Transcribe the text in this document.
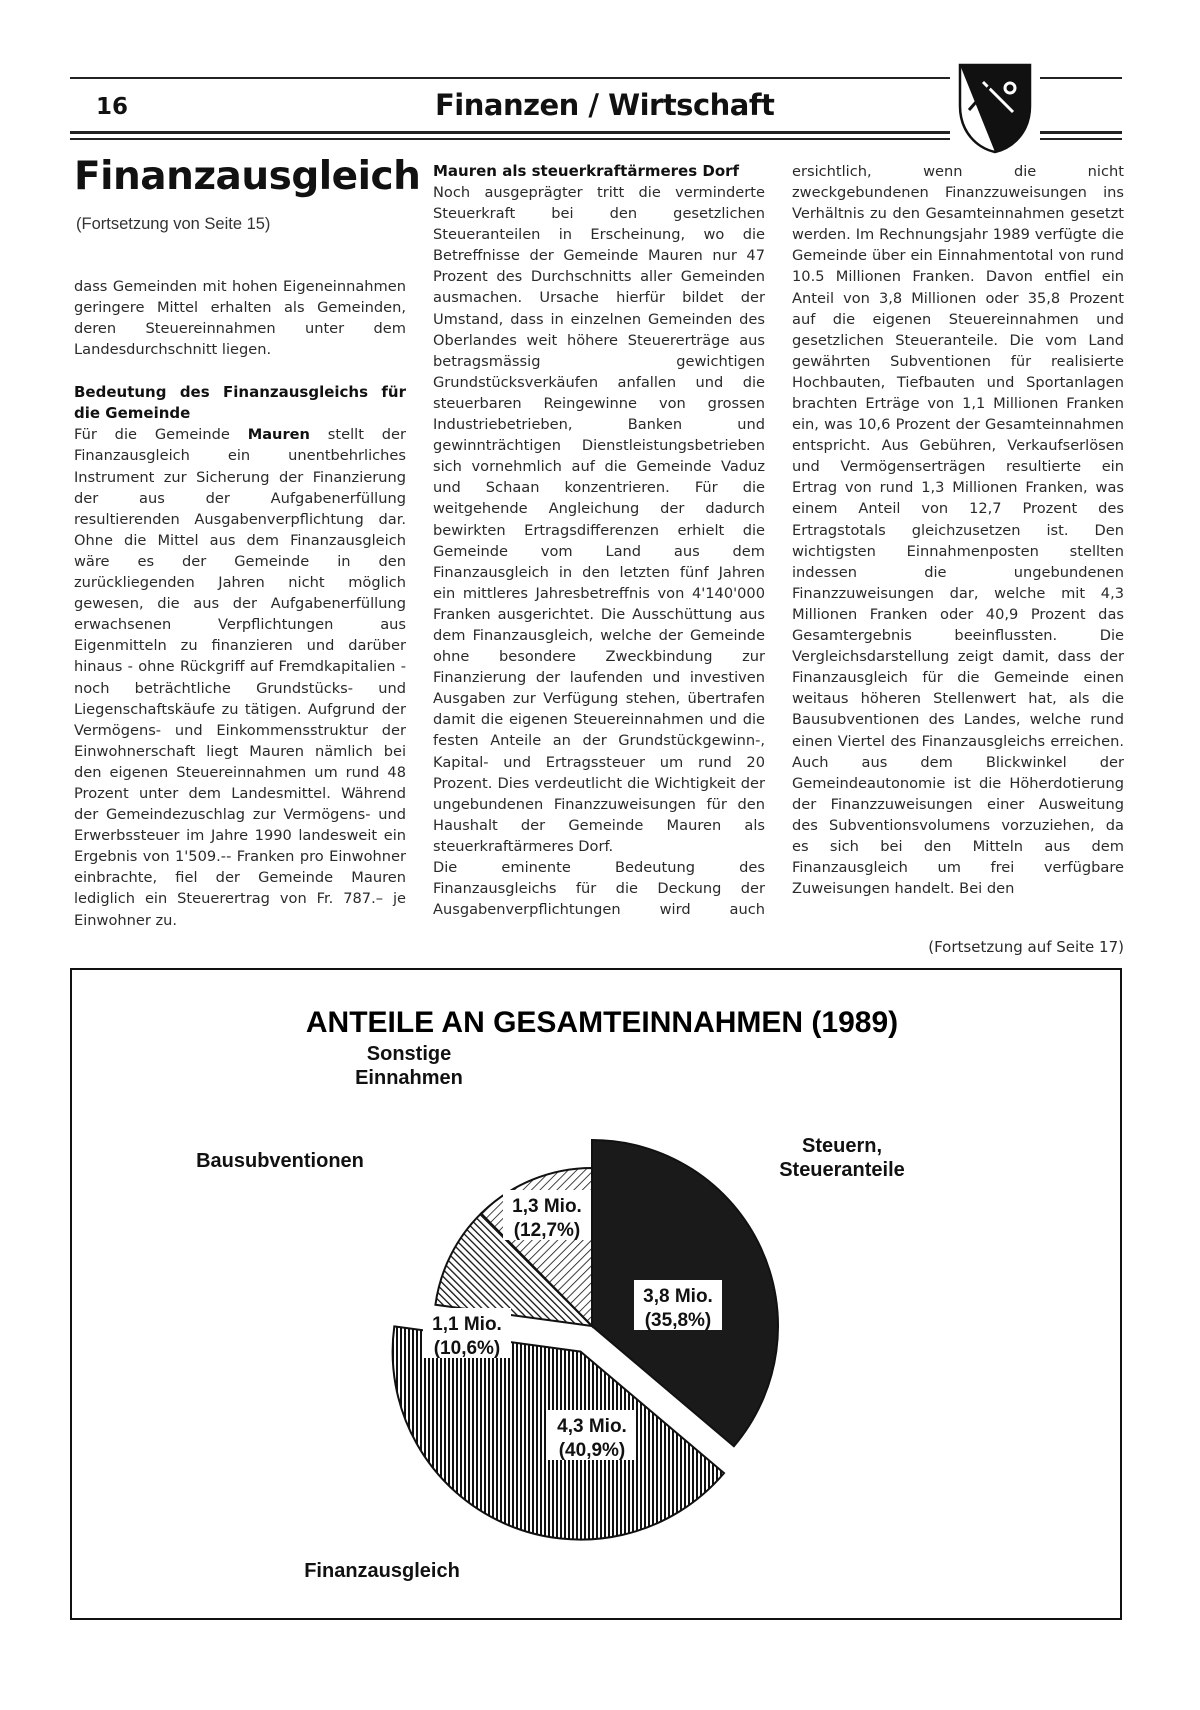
16	Finanzen / Wirtschaft
Finanzausgleich
(Fortsetzung von Seite 15)

dass Gemeinden mit hohen Eigeneinnahmen geringere Mittel erhalten als Gemeinden, deren Steuereinnahmen unter dem Landesdurchschnitt liegen.

Bedeutung des Finanzausgleichs für die Gemeinde

Für die Gemeinde Mauren stellt der Finanzausgleich ein unentbehrliches Instrument zur Sicherung der Finanzierung der aus der Aufgabenerfüllung resultierenden Ausgabenverpflichtung dar. Ohne die Mittel aus dem Finanzausgleich wäre es der Gemeinde in den zurückliegenden Jahren nicht möglich gewesen, die aus der Aufgabenerfüllung erwachsenen Verpflichtungen aus Eigenmitteln zu finanzieren und darüber hinaus - ohne Rückgriff auf Fremdkapitalien - noch beträchtliche Grundstücks- und Liegenschaftskäufe zu tätigen. Aufgrund der Vermögens- und Einkommensstruktur der Einwohnerschaft liegt Mauren nämlich bei den eigenen Steuereinnahmen um rund 48 Prozent unter dem Landesmittel. Während der Gemeindezuschlag zur Vermögens- und Erwerbssteuer im Jahre 1990 landesweit ein Ergebnis von 1'509.-- Franken pro Einwohner einbrachte, fiel der Gemeinde Mauren lediglich ein Steuerertrag von Fr. 787.– je Einwohner zu.

Mauren als steuerkraftärmeres Dorf

Noch ausgeprägter tritt die verminderte Steuerkraft bei den gesetzlichen Steueranteilen in Erscheinung, wo die Betreffnisse der Gemeinde Mauren nur 47 Prozent des Durchschnitts aller Gemeinden ausmachen. Ursache hierfür bildet der Umstand, dass in einzelnen Gemeinden des Oberlandes weit höhere Steuererträge aus betragsmässig gewichtigen Grundstücksverkäufen anfallen und die steuerbaren Reingewinne von grossen Industriebetrieben, Banken und gewinnträchtigen Dienstleistungsbetrieben sich vornehmlich auf die Gemeinde Vaduz und Schaan konzentrieren. Für die weitgehende Angleichung der dadurch bewirkten Ertragsdifferenzen erhielt die Gemeinde vom Land aus dem Finanzausgleich in den letzten fünf Jahren ein mittleres Jahresbetreffnis von 4'140'000 Franken ausgerichtet. Die Ausschüttung aus dem Finanzausgleich, welche der Gemeinde ohne besondere Zweckbindung zur Finanzierung der laufenden und investiven Ausgaben zur Verfügung stehen, übertrafen damit die eigenen Steuereinnahmen und die festen Anteile an der Grundstückgewinn-, Kapital- und Ertragssteuer um rund 20 Prozent. Dies verdeutlicht die Wichtigkeit der ungebundenen Finanzzuweisungen für den Haushalt der Gemeinde Mauren als steuerkraftärmeres Dorf.

Die eminente Bedeutung des Finanzausgleichs für die Deckung der Ausgabenverpflichtungen wird auch

ersichtlich, wenn die nicht zweckgebundenen Finanzzuweisungen ins Verhältnis zu den Gesamteinnahmen gesetzt werden. Im Rechnungsjahr 1989 verfügte die Gemeinde über ein Einnahmentotal von rund 10.5 Millionen Franken. Davon entfiel ein Anteil von 3,8 Millionen oder 35,8 Prozent auf die eigenen Steuereinnahmen und gesetzlichen Steueranteile. Die vom Land gewährten Subventionen für realisierte Hochbauten, Tiefbauten und Sportanlagen brachten Erträge von 1,1 Millionen Franken ein, was 10,6 Prozent der Gesamteinnahmen entspricht. Aus Gebühren, Verkaufserlösen und Vermögenserträgen resultierte ein Ertrag von rund 1,3 Millionen Franken, was einem Anteil von 12,7 Prozent des Ertragstotals gleichzusetzen ist. Den wichtigsten Einnahmenposten stellten indessen die ungebundenen Finanzzuweisungen dar, welche mit 4,3 Millionen Franken oder 40,9 Prozent das Gesamtergebnis beeinflussten. Die Vergleichsdarstellung zeigt damit, dass der Finanzausgleich für die Gemeinde einen weitaus höheren Stellenwert hat, als die Bausubventionen des Landes, welche rund einen Viertel des Finanzausgleichs erreichen. Auch aus dem Blickwinkel der Gemeindeautonomie ist die Höherdotierung der Finanzzuweisungen einer Ausweitung des Subventionsvolumens vorzuziehen, da es sich bei den Mitteln aus dem Finanzausgleich um frei verfügbare Zuweisungen handelt. Bei den

(Fortsetzung auf Seite 17)
ANTEILE AN GESAMTEINNAHMEN (1989)
3,8 Mio.
(35,8%)
Steuern,
Steueranteile
4,3 Mio.
(40,9%)
Finanzausgleich
1,1 Mio.
(10,6%)
Bausubventionen
1,3 Mio.
(12,7%)
Sonstige
Einnahmen
